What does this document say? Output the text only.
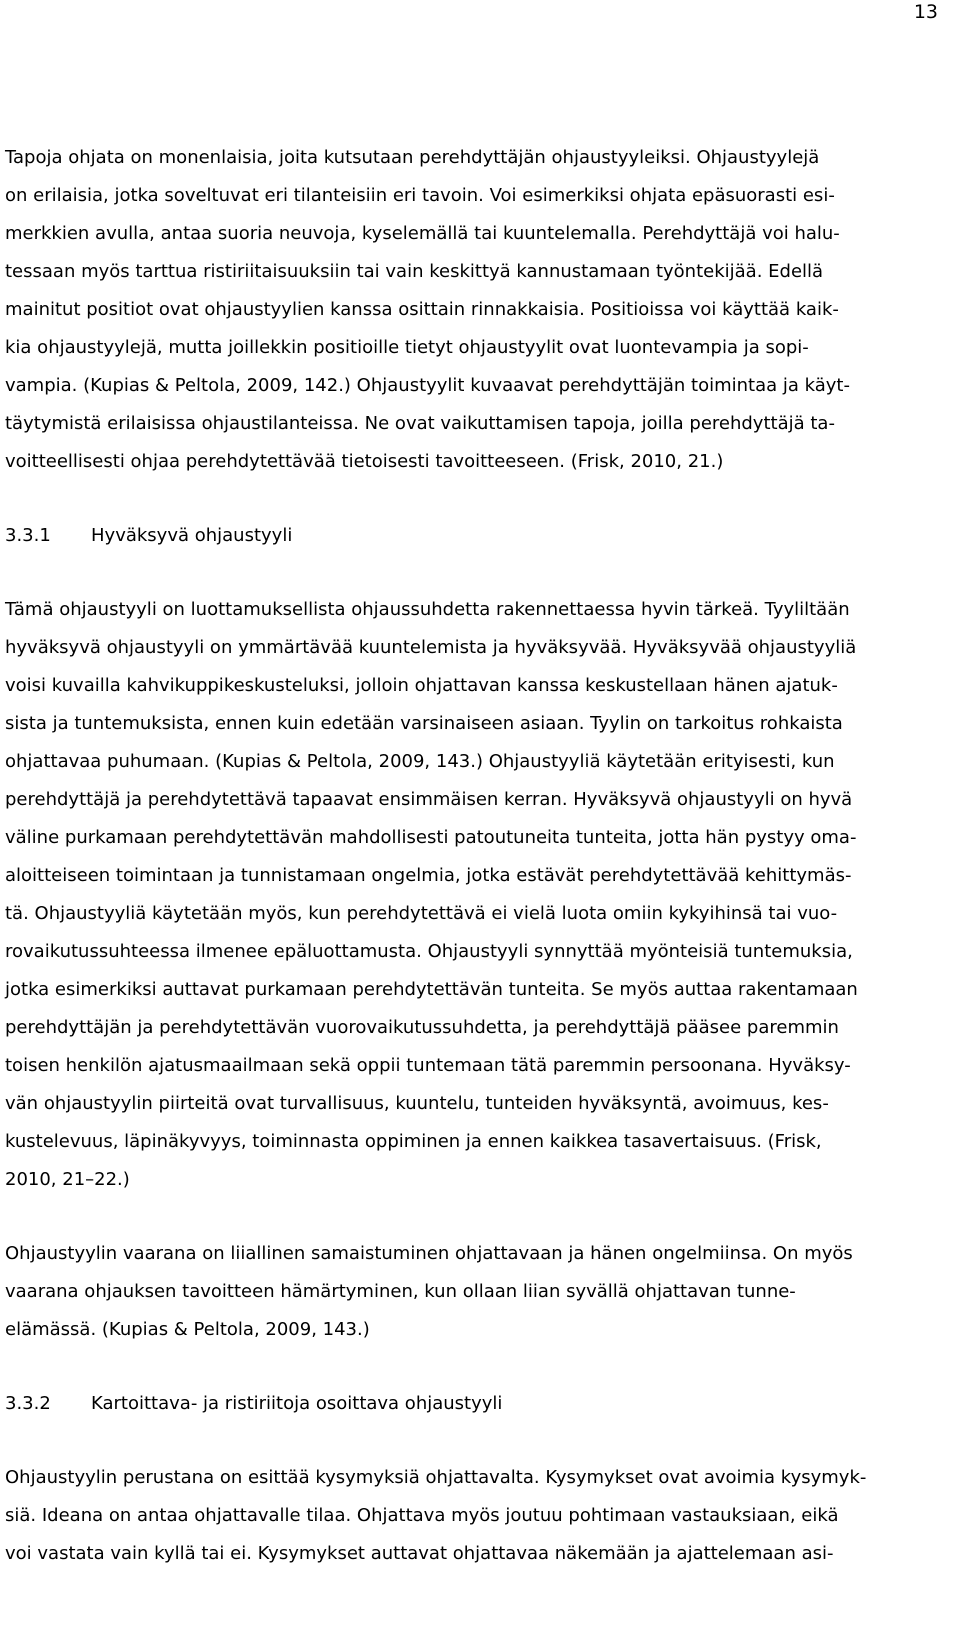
13
Tapoja ohjata on monenlaisia, joita kutsutaan perehdyttäjän ohjaustyyleiksi. Ohjaustyylejä
on erilaisia, jotka soveltuvat eri tilanteisiin eri tavoin. Voi esimerkiksi ohjata epäsuorasti esi-
merkkien avulla, antaa suoria neuvoja, kyselemällä tai kuuntelemalla. Perehdyttäjä voi halu-
tessaan myös tarttua ristiriitaisuuksiin tai vain keskittyä kannustamaan työntekijää. Edellä
mainitut positiot ovat ohjaustyylien kanssa osittain rinnakkaisia. Positioissa voi käyttää kaik-
kia ohjaustyylejä, mutta joillekkin positioille tietyt ohjaustyylit ovat luontevampia ja sopi-
vampia. (Kupias & Peltola, 2009, 142.) Ohjaustyylit kuvaavat perehdyttäjän toimintaa ja käyt-
täytymistä erilaisissa ohjaustilanteissa. Ne ovat vaikuttamisen tapoja, joilla perehdyttäjä ta-
voitteellisesti ohjaa perehdytettävää tietoisesti tavoitteeseen. (Frisk, 2010, 21.)
3.3.1 Hyväksyvä ohjaustyyli
Tämä ohjaustyyli on luottamuksellista ohjaussuhdetta rakennettaessa hyvin tärkeä. Tyyliltään
hyväksyvä ohjaustyyli on ymmärtävää kuuntelemista ja hyväksyvää. Hyväksyvää ohjaustyyliä
voisi kuvailla kahvikuppikeskusteluksi, jolloin ohjattavan kanssa keskustellaan hänen ajatuk-
sista ja tuntemuksista, ennen kuin edetään varsinaiseen asiaan. Tyylin on tarkoitus rohkaista
ohjattavaa puhumaan. (Kupias & Peltola, 2009, 143.) Ohjaustyyliä käytetään erityisesti, kun
perehdyttäjä ja perehdytettävä tapaavat ensimmäisen kerran. Hyväksyvä ohjaustyyli on hyvä
väline purkamaan perehdytettävän mahdollisesti patoutuneita tunteita, jotta hän pystyy oma-
aloitteiseen toimintaan ja tunnistamaan ongelmia, jotka estävät perehdytettävää kehittymäs-
tä. Ohjaustyyliä käytetään myös, kun perehdytettävä ei vielä luota omiin kykyihinsä tai vuo-
rovaikutussuhteessa ilmenee epäluottamusta. Ohjaustyyli synnyttää myönteisiä tuntemuksia,
jotka esimerkiksi auttavat purkamaan perehdytettävän tunteita. Se myös auttaa rakentamaan
perehdyttäjän ja perehdytettävän vuorovaikutussuhdetta, ja perehdyttäjä pääsee paremmin
toisen henkilön ajatusmaailmaan sekä oppii tuntemaan tätä paremmin persoonana. Hyväksy-
vän ohjaustyylin piirteitä ovat turvallisuus, kuuntelu, tunteiden hyväksyntä, avoimuus, kes-
kustelevuus, läpinäkyvyys, toiminnasta oppiminen ja ennen kaikkea tasavertaisuus. (Frisk,
2010, 21–22.)
Ohjaustyylin vaarana on liiallinen samaistuminen ohjattavaan ja hänen ongelmiinsa. On myös
vaarana ohjauksen tavoitteen hämärtyminen, kun ollaan liian syvällä ohjattavan tunne-
elämässä. (Kupias & Peltola, 2009, 143.)
3.3.2 Kartoittava- ja ristiriitoja osoittava ohjaustyyli
Ohjaustyylin perustana on esittää kysymyksiä ohjattavalta. Kysymykset ovat avoimia kysymyk-
siä. Ideana on antaa ohjattavalle tilaa. Ohjattava myös joutuu pohtimaan vastauksiaan, eikä
voi vastata vain kyllä tai ei. Kysymykset auttavat ohjattavaa näkemään ja ajattelemaan asi-
